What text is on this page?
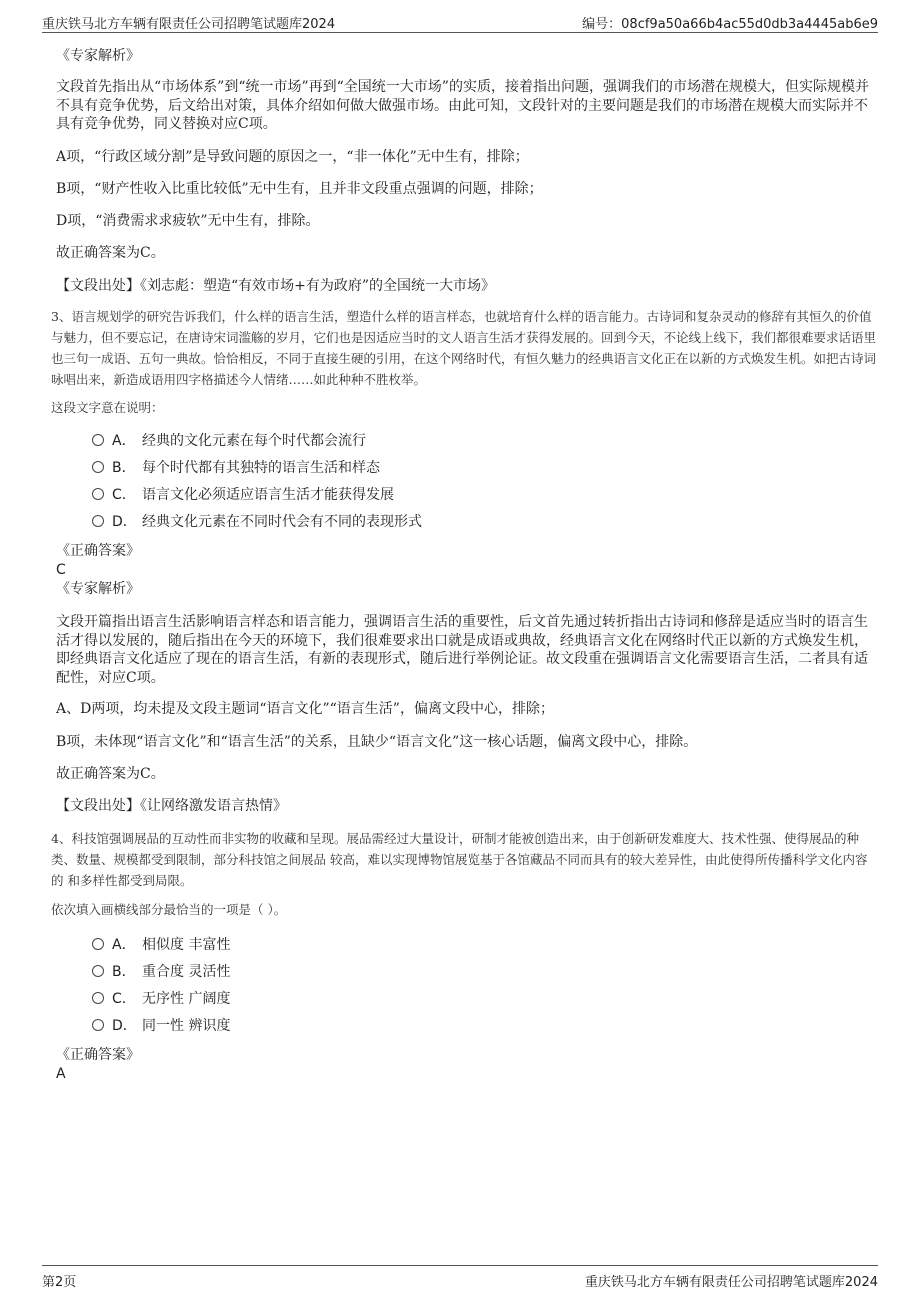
重庆铁马北方车辆有限责任公司招聘笔试题库2024	编号：08cf9a50a66b4ac55d0db3a4445ab6e9
《专家解析》
文段首先指出从“市场体系”到“统一市场”再到“全国统一大市场”的实质，接着指出问题，强调我们的市场潜在规模大，但实际规模并不具有竞争优势，后文给出对策，具体介绍如何做大做强市场。由此可知，文段针对的主要问题是我们的市场潜在规模大而实际并不具有竞争优势，同义替换对应C项。
A项，“行政区域分割”是导致问题的原因之一，“非一体化”无中生有，排除；
B项，“财产性收入比重比较低”无中生有，且并非文段重点强调的问题，排除；
D项，“消费需求求疲软”无中生有，排除。
故正确答案为C。
【文段出处】《刘志彪：塑造“有效市场+有为政府”的全国统一大市场》
3、语言规划学的研究告诉我们，什么样的语言生活，塑造什么样的语言样态，也就培育什么样的语言能力。古诗词和复杂灵动的修辞有其恒久的价值与魅力，但不要忘记，在唐诗宋词滥觞的岁月，它们也是因适应当时的文人语言生活才获得发展的。回到今天，不论线上线下，我们都很难要求话语里也三句一成语、五句一典故。恰恰相反，不同于直接生硬的引用，在这个网络时代，有恒久魅力的经典语言文化正在以新的方式焕发生机。如把古诗词咏唱出来，新造成语用四字格描述今人情绪……如此种种不胜枚举。
这段文字意在说明：
A． 经典的文化元素在每个时代都会流行
B． 每个时代都有其独特的语言生活和样态
C． 语言文化必须适应语言生活才能获得发展
D． 经典文化元素在不同时代会有不同的表现形式
《正确答案》
C
《专家解析》
文段开篇指出语言生活影响语言样态和语言能力，强调语言生活的重要性，后文首先通过转折指出古诗词和修辞是适应当时的语言生活才得以发展的，随后指出在今天的环境下，我们很难要求出口就是成语或典故，经典语言文化在网络时代正以新的方式焕发生机，即经典语言文化适应了现在的语言生活，有新的表现形式，随后进行举例论证。故文段重在强调语言文化需要语言生活，二者具有适配性，对应C项。
A、D两项，均未提及文段主题词“语言文化”“语言生活”，偏离文段中心，排除；
B项，未体现“语言文化”和“语言生活”的关系，且缺少“语言文化”这一核心话题，偏离文段中心，排除。
故正确答案为C。
【文段出处】《让网络激发语言热情》
4、科技馆强调展品的互动性而非实物的收藏和呈现。展品需经过大量设计，研制才能被创造出来，由于创新研发难度大、技术性强、使得展品的种类、数量、规模都受到限制，部分科技馆之间展品 较高，难以实现博物馆展览基于各馆藏品不同而具有的较大差异性，由此使得所传播科学文化内容的 和多样性都受到局限。
依次填入画横线部分最恰当的一项是（ ）。
A． 相似度 丰富性
B． 重合度 灵活性
C． 无序性 广阔度
D． 同一性 辨识度
《正确答案》
A
第2页	重庆铁马北方车辆有限责任公司招聘笔试题库2024
